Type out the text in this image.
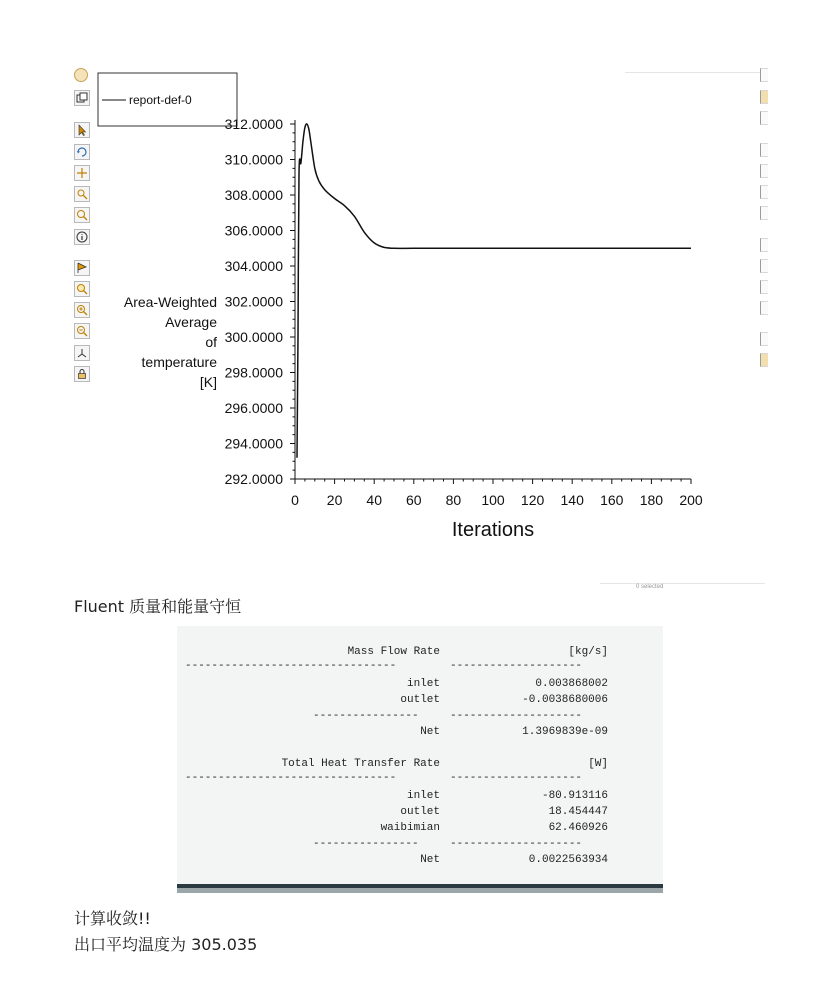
0 selected
report-def-0
292.0000
294.0000
296.0000
298.0000
300.0000
302.0000
304.0000
306.0000
308.0000
310.0000
312.0000
0 20 40 60 80 100 120 140 160 180 200
Iterations
Area-Weighted
Average
of
temperature
[K]
Fluent 质量和能量守恒
Mass Flow Rate	[kg/s]
--------------------------------	--------------------
inlet	0.003868002
outlet	-0.0038680006
----------------	--------------------
Net	1.3969839e-09
Total Heat Transfer Rate	[W]
--------------------------------	--------------------
inlet	-80.913116
outlet	18.454447
waibimian	62.460926
----------------	--------------------
Net	0.0022563934
计算收敛!!
出口平均温度为 305.035
